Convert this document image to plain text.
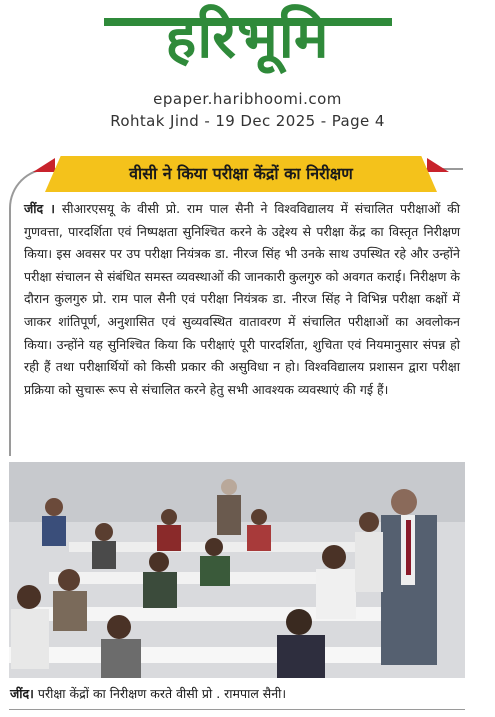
हरिभूमि
epaper.haribhoomi.com
Rohtak Jind - 19 Dec 2025 - Page 4
वीसी ने किया परीक्षा केंद्रों का निरीक्षण
जींद । सीआरएसयू के वीसी प्रो. राम पाल सैनी ने विश्वविद्यालय में संचालित परीक्षाओं की गुणवत्ता, पारदर्शिता एवं निष्पक्षता सुनिश्चित करने के उद्देश्य से परीक्षा केंद्र का विस्तृत निरीक्षण किया। इस अवसर पर उप परीक्षा नियंत्रक डा. नीरज सिंह भी उनके साथ उपस्थित रहे और उन्होंने परीक्षा संचालन से संबंधित समस्त व्यवस्थाओं की जानकारी कुलगुरु को अवगत कराई। निरीक्षण के दौरान कुलगुरु प्रो. राम पाल सैनी एवं परीक्षा नियंत्रक डा. नीरज सिंह ने विभिन्न परीक्षा कक्षों में जाकर शांतिपूर्ण, अनुशासित एवं सुव्यवस्थित वातावरण में संचालित परीक्षाओं का अवलोकन किया। उन्होंने यह सुनिश्चित किया कि परीक्षाएं पूरी पारदर्शिता, शुचिता एवं नियमानुसार संपन्न हो रही हैं तथा परीक्षार्थियों को किसी प्रकार की असुविधा न हो। विश्वविद्यालय प्रशासन द्वारा परीक्षा प्रक्रिया को सुचारू रूप से संचालित करने हेतु सभी आवश्यक व्यवस्थाएं की गई हैं।
जींद। परीक्षा केंद्रों का निरीक्षण करते वीसी प्रो . रामपाल सैनी।
